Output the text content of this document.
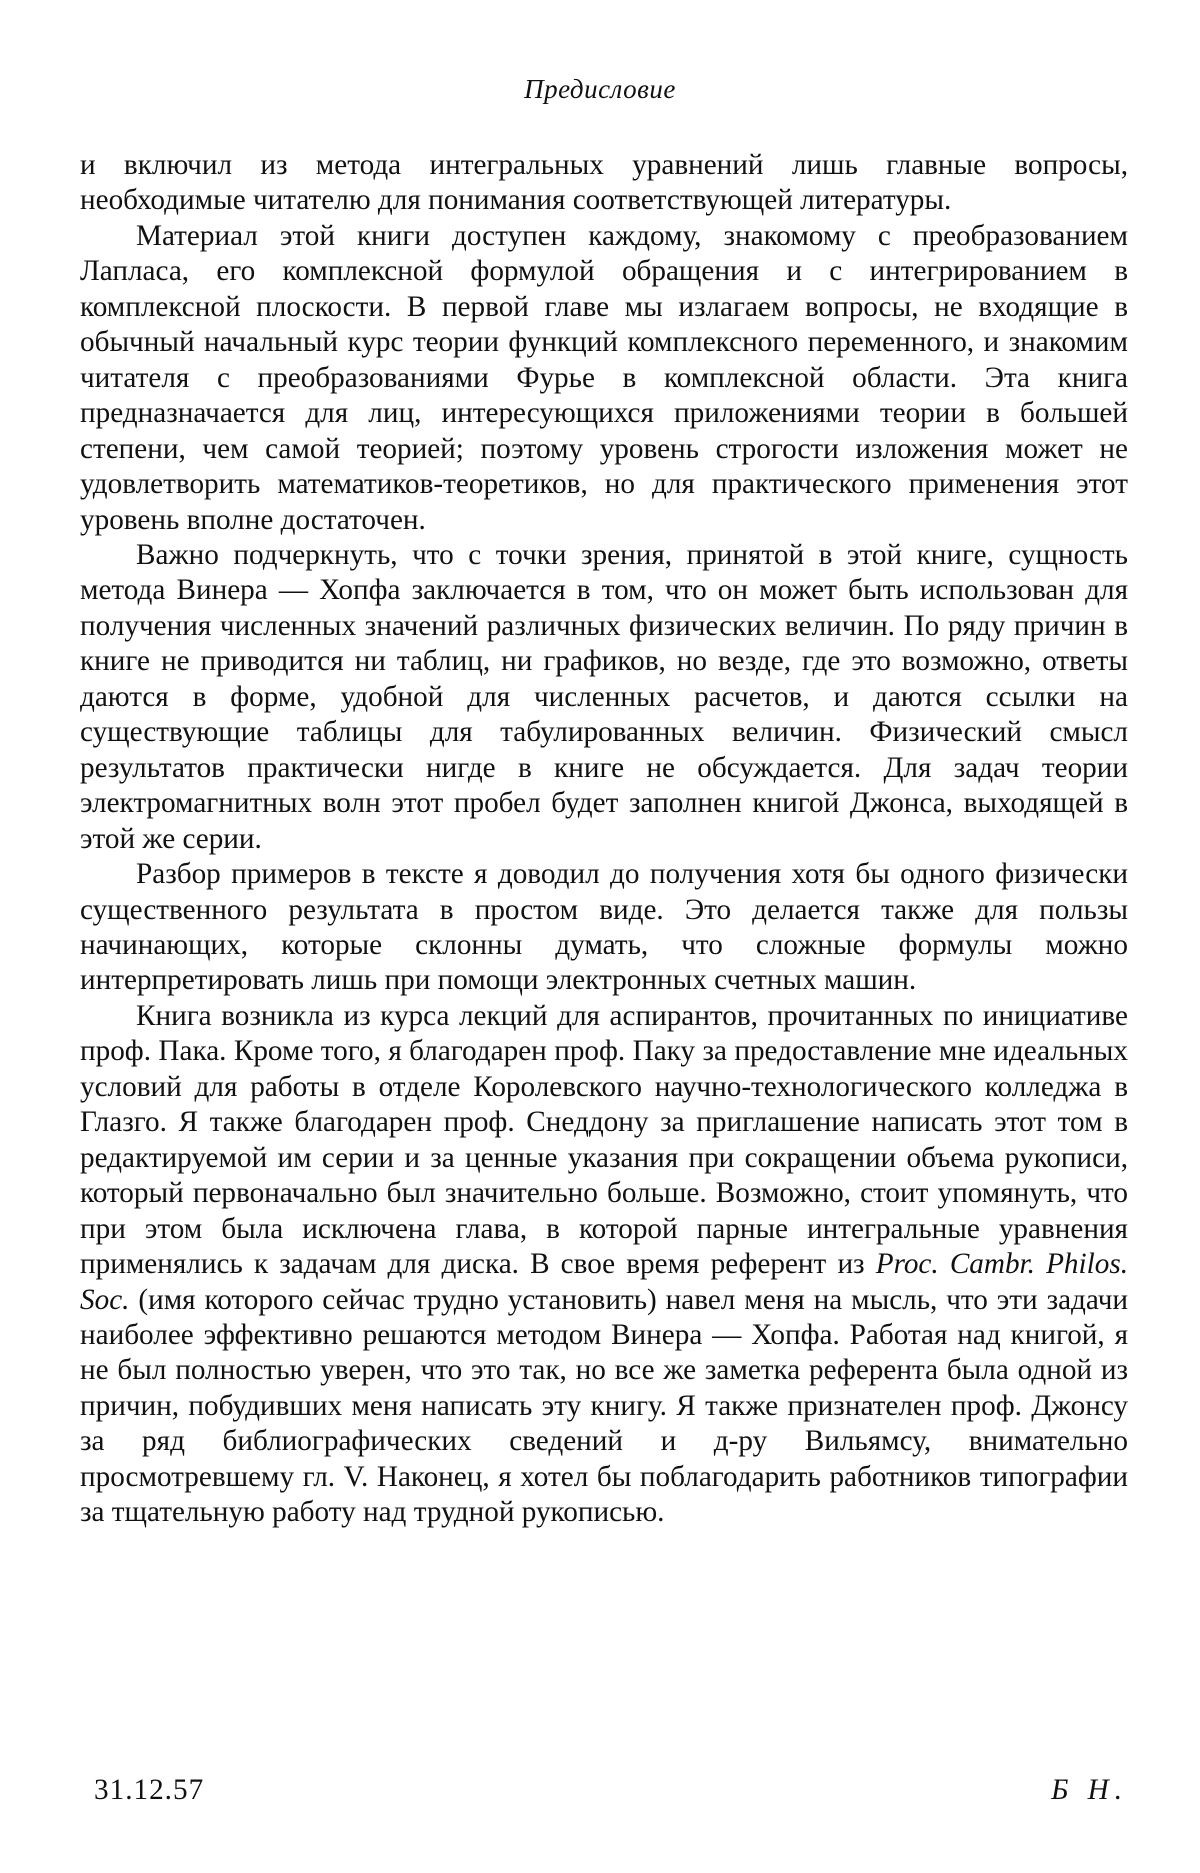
Предисловие

и включил из метода интегральных уравнений лишь главные вопросы, необходимые читателю для понимания соответствующей литературы.

Материал этой книги доступен каждому, знакомому с преобразованием Лапласа, его комплексной формулой обращения и с интегрированием в комплексной плоскости. В первой главе мы излагаем вопросы, не входящие в обычный начальный курс теории функций комплексного переменного, и знакомим читателя с преобразованиями Фурье в комплексной области. Эта книга предназначается для лиц, интересующихся приложениями теории в большей степени, чем самой теорией; поэтому уровень строгости изложения может не удовлетворить математиков-теоретиков, но для практического применения этот уровень вполне достаточен.

Важно подчеркнуть, что с точки зрения, принятой в этой книге, сущность метода Винера — Хопфа заключается в том, что он может быть использован для получения численных значений различных физических величин. По ряду причин в книге не приводится ни таблиц, ни графиков, но везде, где это возможно, ответы даются в форме, удобной для численных расчетов, и даются ссылки на существующие таблицы для табулированных величин. Физический смысл результатов практически нигде в книге не обсуждается. Для задач теории электромагнитных волн этот пробел будет заполнен книгой Джонса, выходящей в этой же серии.

Разбор примеров в тексте я доводил до получения хотя бы одного физически существенного результата в простом виде. Это делается также для пользы начинающих, которые склонны думать, что сложные формулы можно интерпретировать лишь при помощи электронных счетных машин.

Книга возникла из курса лекций для аспирантов, прочитанных по инициативе проф. Пака. Кроме того, я благодарен проф. Паку за предоставление мне идеальных условий для работы в отделе Королевского научно-технологического колледжа в Глазго. Я также благодарен проф. Снеддону за приглашение написать этот том в редактируемой им серии и за ценные указания при сокращении объема рукописи, который первоначально был значительно больше. Возможно, стоит упомянуть, что при этом была исключена глава, в которой парные интегральные уравнения применялись к задачам для диска. В свое время референт из Proc. Cambr. Philos. Soc. (имя которого сейчас трудно установить) навел меня на мысль, что эти задачи наиболее эффективно решаются методом Винера — Хопфа. Работая над книгой, я не был полностью уверен, что это так, но все же заметка референта была одной из причин, побудивших меня написать эту книгу. Я также признателен проф. Джонсу за ряд библиографических сведений и д-ру Вильямсу, внимательно просмотревшему гл. V. Наконец, я хотел бы поблагодарить работников типографии за тщательную работу над трудной рукописью.

31.12.57	Б Н.
